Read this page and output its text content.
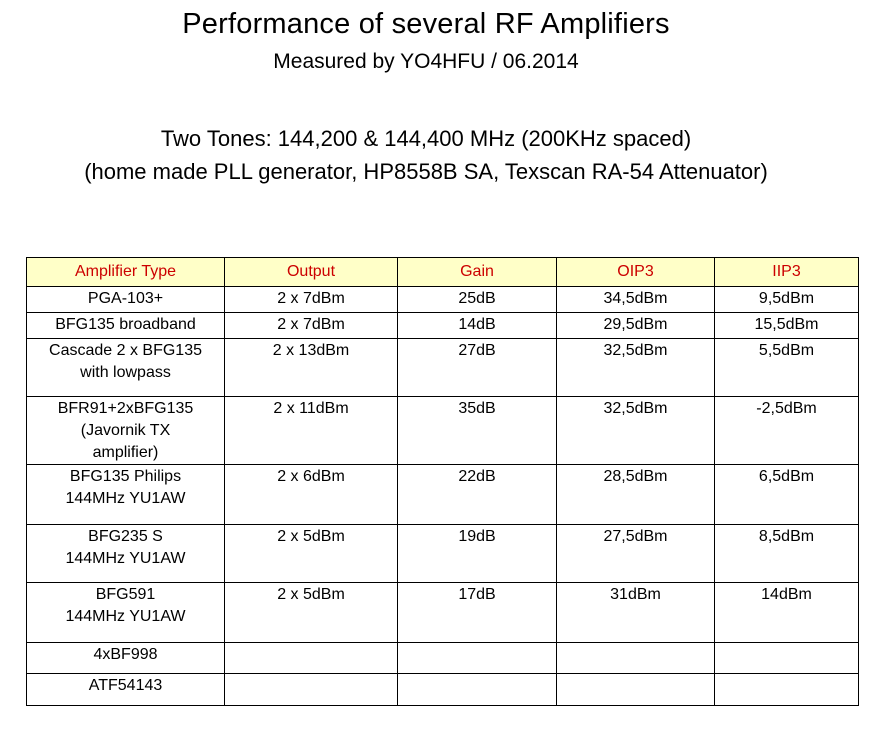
Performance of several RF Amplifiers
Measured by YO4HFU / 06.2014
Two Tones: 144,200 & 144,400 MHz (200KHz spaced)
(home made PLL generator, HP8558B SA, Texscan RA-54 Attenuator)
Amplifier Type	Output	Gain	OIP3	IIP3
PGA-103+	2 x 7dBm	25dB	34,5dBm	9,5dBm
BFG135 broadband	2 x 7dBm	14dB	29,5dBm	15,5dBm
Cascade 2 x BFG135
with lowpass	2 x 13dBm	27dB	32,5dBm	5,5dBm
BFR91+2xBFG135
(Javornik TX
amplifier)	2 x 11dBm	35dB	32,5dBm	-2,5dBm
BFG135 Philips
144MHz YU1AW	2 x 6dBm	22dB	28,5dBm	6,5dBm
BFG235 S
144MHz YU1AW	2 x 5dBm	19dB	27,5dBm	8,5dBm
BFG591
144MHz YU1AW	2 x 5dBm	17dB	31dBm	14dBm
4xBF998				
ATF54143				
